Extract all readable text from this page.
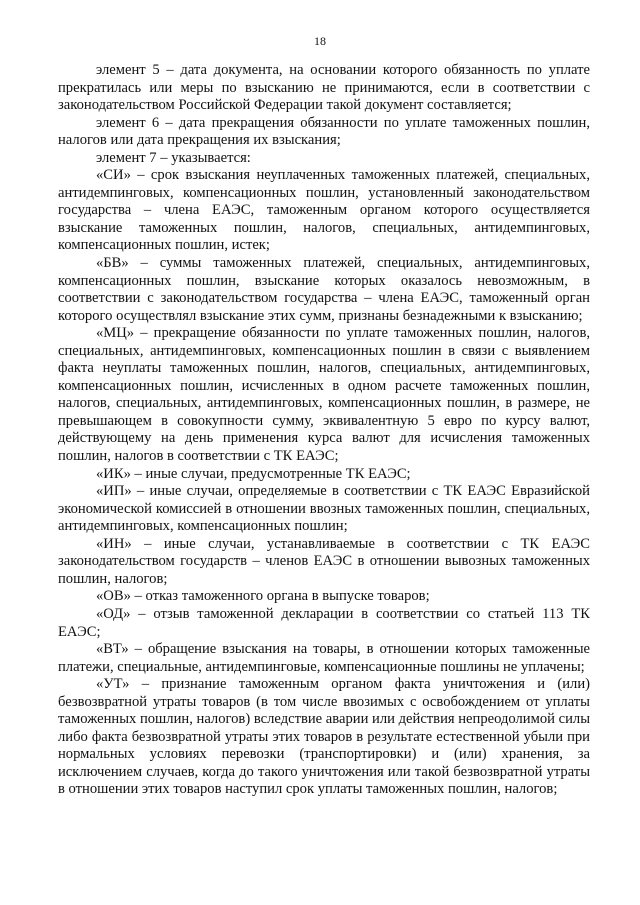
18

элемент 5 – дата документа, на основании которого обязанность по уплате прекратилась или меры по взысканию не принимаются, если в соответствии с законодательством Российской Федерации такой документ составляется;

элемент 6 – дата прекращения обязанности по уплате таможенных пошлин, налогов или дата прекращения их взыскания;

элемент 7 – указывается:

«СИ» – срок взыскания неуплаченных таможенных платежей, специальных, антидемпинговых, компенсационных пошлин, установленный законодательством государства – члена ЕАЭС, таможенным органом которого осуществляется взыскание таможенных пошлин, налогов, специальных, антидемпинговых, компенсационных пошлин, истек;

«БВ» – суммы таможенных платежей, специальных, антидемпинговых, компенсационных пошлин, взыскание которых оказалось невозможным, в соответствии с законодательством государства – члена ЕАЭС, таможенный орган которого осуществлял взыскание этих сумм, признаны безнадежными к взысканию;

«МЦ» – прекращение обязанности по уплате таможенных пошлин, налогов, специальных, антидемпинговых, компенсационных пошлин в связи с выявлением факта неуплаты таможенных пошлин, налогов, специальных, антидемпинговых, компенсационных пошлин, исчисленных в одном расчете таможенных пошлин, налогов, специальных, антидемпинговых, компенсационных пошлин, в размере, не превышающем в совокупности сумму, эквивалентную 5 евро по курсу валют, действующему на день применения курса валют для исчисления таможенных пошлин, налогов в соответствии с ТК ЕАЭС;

«ИК» – иные случаи, предусмотренные ТК ЕАЭС;

«ИП» – иные случаи, определяемые в соответствии с ТК ЕАЭС Евразийской экономической комиссией в отношении ввозных таможенных пошлин, специальных, антидемпинговых, компенсационных пошлин;

«ИН» – иные случаи, устанавливаемые в соответствии с ТК ЕАЭС законодательством государств – членов ЕАЭС в отношении вывозных таможенных пошлин, налогов;

«ОВ» – отказ таможенного органа в выпуске товаров;

«ОД» – отзыв таможенной декларации в соответствии со статьей 113 ТК ЕАЭС;

«ВТ» – обращение взыскания на товары, в отношении которых таможенные платежи, специальные, антидемпинговые, компенсационные пошлины не уплачены;

«УТ» – признание таможенным органом факта уничтожения и (или) безвозвратной утраты товаров (в том числе ввозимых с освобождением от уплаты таможенных пошлин, налогов) вследствие аварии или действия непреодолимой силы либо факта безвозвратной утраты этих товаров в результате естественной убыли при нормальных условиях перевозки (транспортировки) и (или) хранения, за исключением случаев, когда до такого уничтожения или такой безвозвратной утраты в отношении этих товаров наступил срок уплаты таможенных пошлин, налогов;
